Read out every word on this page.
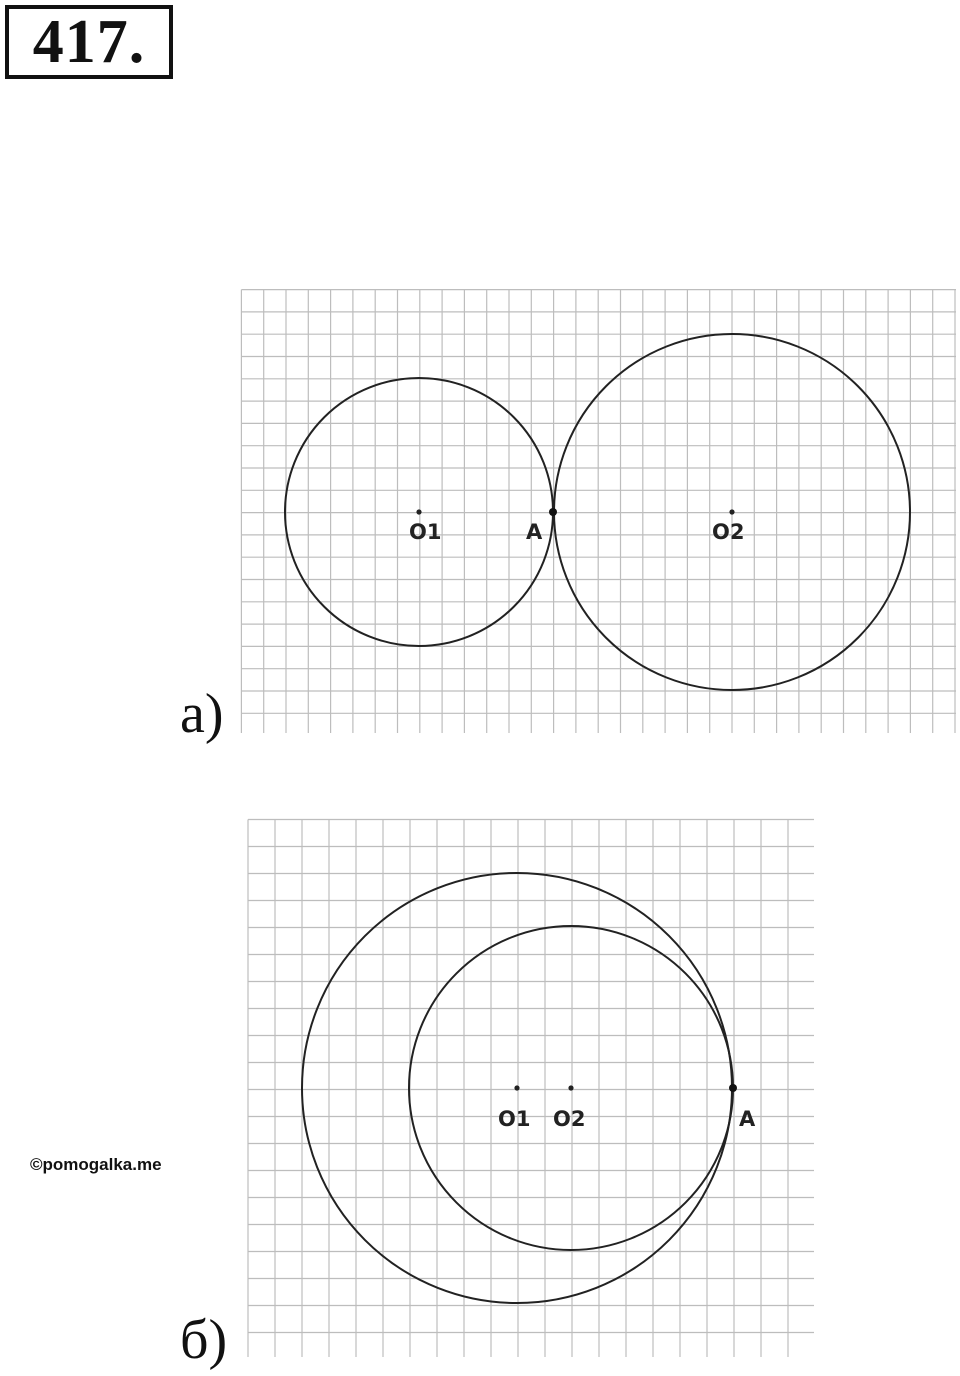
417.
O1	A	O2
а)
O1 O2	A
б)
©pomogalka.me
